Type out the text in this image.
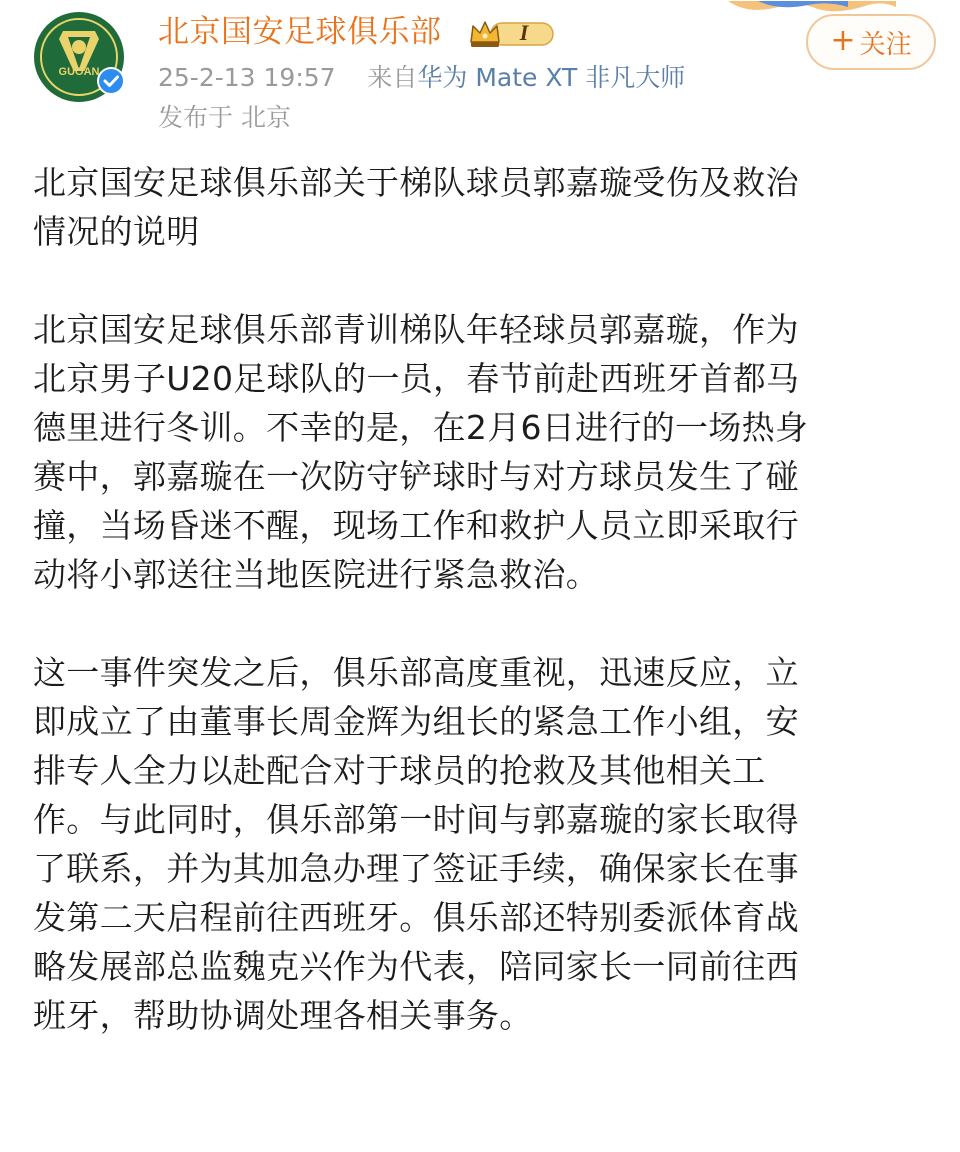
GUOAN
北京国安足球俱乐部	I
25-2-13 19:57 来自华为 Mate XT 非凡大师
发布于 北京
+ 关注

北京国安足球俱乐部关于梯队球员郭嘉璇受伤及救治
情况的说明

北京国安足球俱乐部青训梯队年轻球员郭嘉璇，作为
北京男子U20足球队的一员，春节前赴西班牙首都马
德里进行冬训。不幸的是，在2月6日进行的一场热身
赛中，郭嘉璇在一次防守铲球时与对方球员发生了碰
撞，当场昏迷不醒，现场工作和救护人员立即采取行
动将小郭送往当地医院进行紧急救治。

这一事件突发之后，俱乐部高度重视，迅速反应，立
即成立了由董事长周金辉为组长的紧急工作小组，安
排专人全力以赴配合对于球员的抢救及其他相关工
作。与此同时，俱乐部第一时间与郭嘉璇的家长取得
了联系，并为其加急办理了签证手续，确保家长在事
发第二天启程前往西班牙。俱乐部还特别委派体育战
略发展部总监魏克兴作为代表，陪同家长一同前往西
班牙，帮助协调处理各相关事务。
